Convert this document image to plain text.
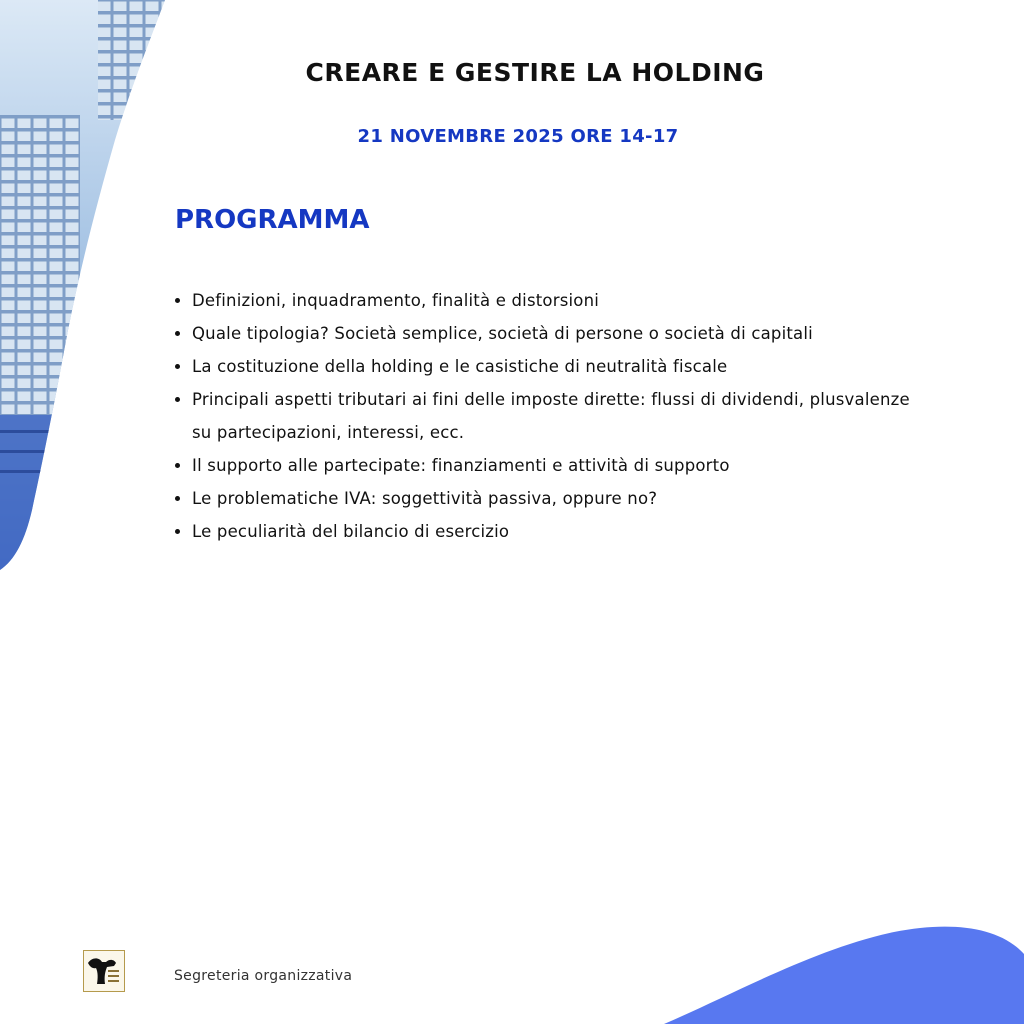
CREARE E GESTIRE LA HOLDING

21 NOVEMBRE 2025 ORE 14-17

PROGRAMMA
Definizioni, inquadramento, finalità e distorsioni
Quale tipologia? Società semplice, società di persone o società di capitali
La costituzione della holding e le casistiche di neutralità fiscale
Principali aspetti tributari ai fini delle imposte dirette: flussi di dividendi, plusvalenze su partecipazioni, interessi, ecc.
Il supporto alle partecipate: finanziamenti e attività di supporto
Le problematiche IVA: soggettività passiva, oppure no?
Le peculiarità del bilancio di esercizio

Segreteria organizzativa
